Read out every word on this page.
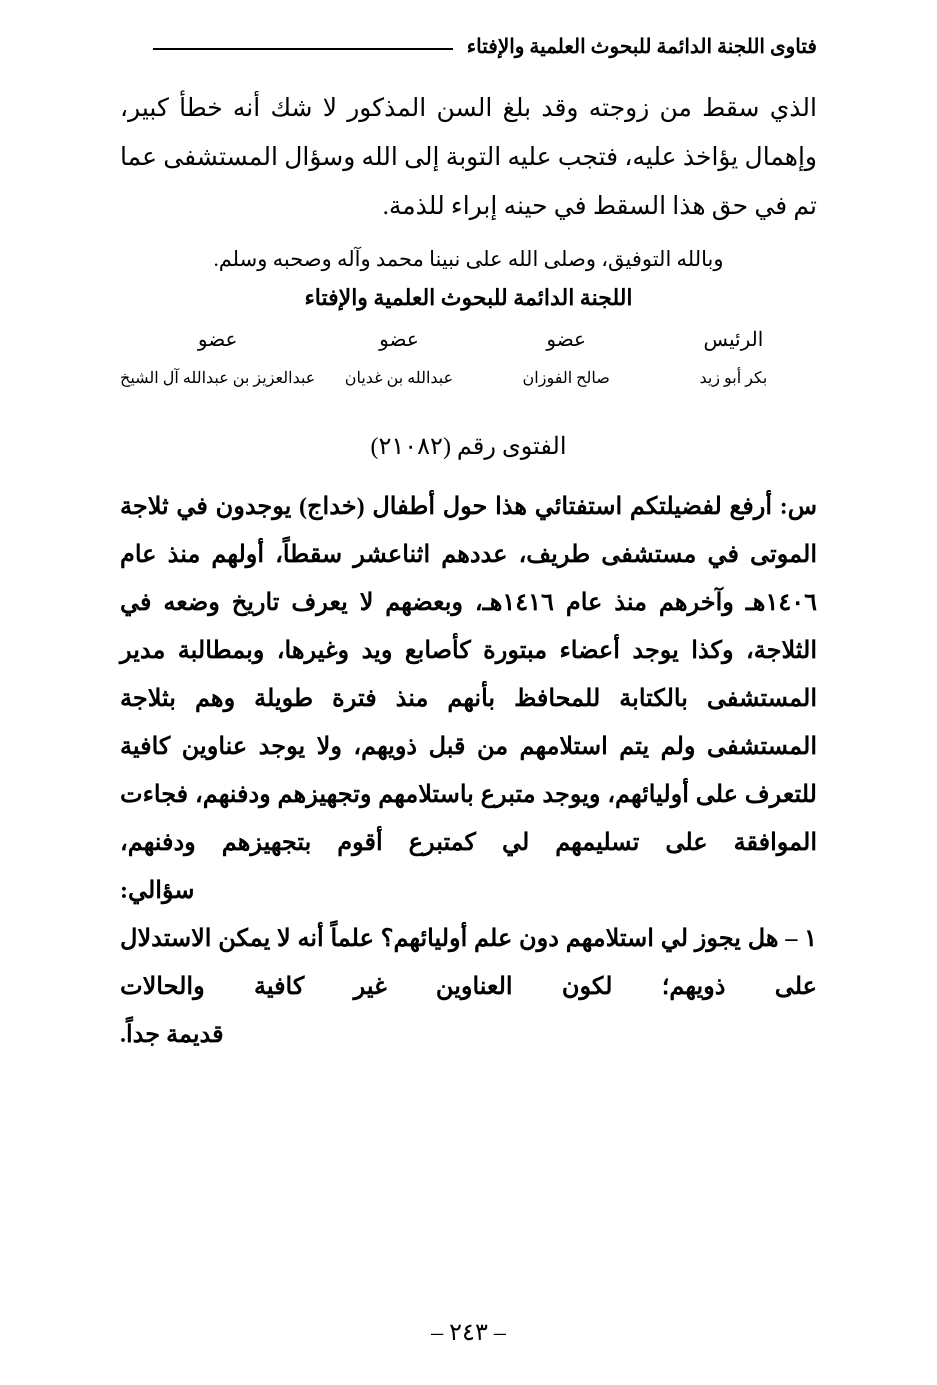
فتاوى اللجنة الدائمة للبحوث العلمية والإفتاء

الذي سقط من زوجته وقد بلغ السن المذكور لا شك أنه خطأ كبير، وإهمال يؤاخذ عليه، فتجب عليه التوبة إلى الله وسؤال المستشفى عما تم في حق هذا السقط في حينه إبراء للذمة.

وبالله التوفيق، وصلى الله على نبينا محمد وآله وصحبه وسلم.

اللجنة الدائمة للبحوث العلمية والإفتاء

الرئيس
بكر أبو زيد
عضو
صالح الفوزان
عضو
عبدالله بن غديان
عضو
عبدالعزيز بن عبدالله آل الشيخ

الفتوى رقم (٢١٠٨٢)

س: أرفع لفضيلتكم استفتائي هذا حول أطفال (خداج) يوجدون في ثلاجة الموتى في مستشفى طريف، عددهم اثناعشر سقطاً، أولهم منذ عام ١٤٠٦هـ وآخرهم منذ عام ١٤١٦هـ، وبعضهم لا يعرف تاريخ وضعه في الثلاجة، وكذا يوجد أعضاء مبتورة كأصابع ويد وغيرها، وبمطالبة مدير المستشفى بالكتابة للمحافظ بأنهم منذ فترة طويلة وهم بثلاجة المستشفى ولم يتم استلامهم من قبل ذويهم، ولا يوجد عناوين كافية للتعرف على أوليائهم، ويوجد متبرع باستلامهم وتجهيزهم ودفنهم، فجاءت الموافقة على تسليمهم لي كمتبرع أقوم بتجهيزهم ودفنهم،
سؤالي:

١ – هل يجوز لي استلامهم دون علم أوليائهم؟ علماً أنه لا يمكن الاستدلال على ذويهم؛ لكون العناوين غير كافية والحالات
قديمة جداً.

– ٢٤٣ –
